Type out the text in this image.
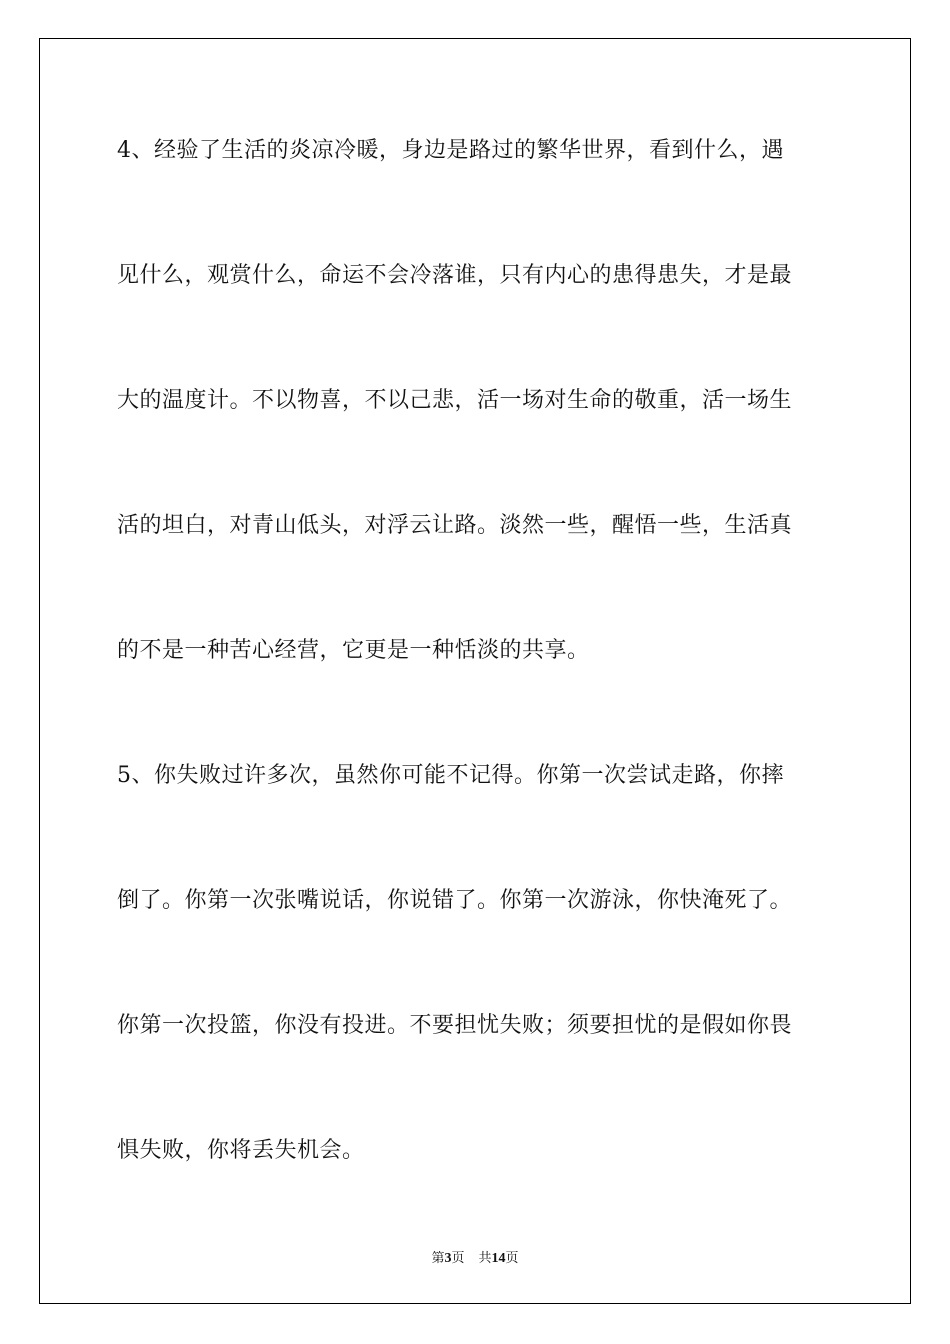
4、经验了生活的炎凉冷暖，身边是路过的繁华世界，看到什么，遇
见什么，观赏什么，命运不会冷落谁，只有内心的患得患失，才是最
大的温度计。不以物喜，不以己悲，活一场对生命的敬重，活一场生
活的坦白，对青山低头，对浮云让路。淡然一些，醒悟一些，生活真
的不是一种苦心经营，它更是一种恬淡的共享。
5、你失败过许多次，虽然你可能不记得。你第一次尝试走路，你摔
倒了。你第一次张嘴说话，你说错了。你第一次游泳，你快淹死了。
你第一次投篮，你没有投进。不要担忧失败；须要担忧的是假如你畏
惧失败，你将丢失机会。
第3页 共14页
